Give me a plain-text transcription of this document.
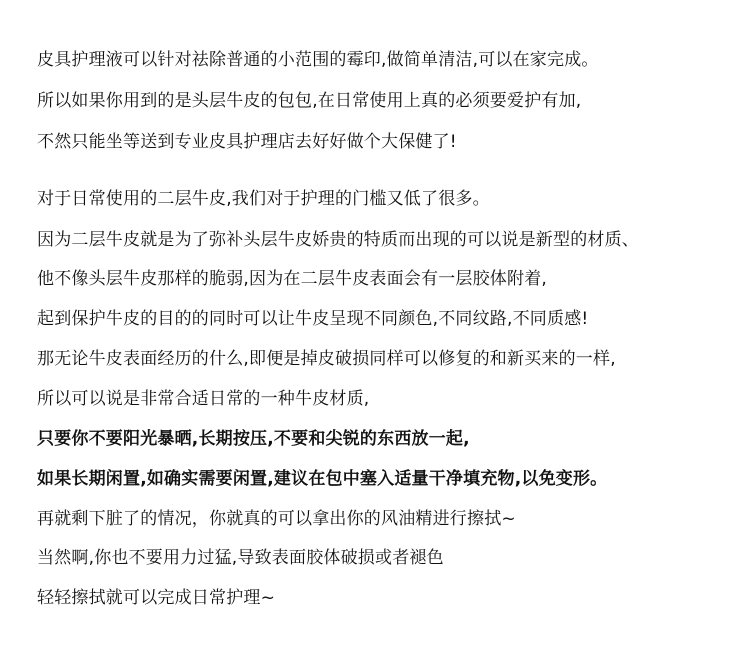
皮具护理液可以针对祛除普通的小范围的霉印,做简单清洁,可以在家完成。
所以如果你用到的是头层牛皮的包包,在日常使用上真的必须要爱护有加,
不然只能坐等送到专业皮具护理店去好好做个大保健了!
对于日常使用的二层牛皮,我们对于护理的门槛又低了很多。
因为二层牛皮就是为了弥补头层牛皮娇贵的特质而出现的可以说是新型的材质、
他不像头层牛皮那样的脆弱,因为在二层牛皮表面会有一层胶体附着,
起到保护牛皮的目的的同时可以让牛皮呈现不同颜色,不同纹路,不同质感!
那无论牛皮表面经历的什么,即便是掉皮破损同样可以修复的和新买来的一样,
所以可以说是非常合适日常的一种牛皮材质,
只要你不要阳光暴晒,长期按压,不要和尖锐的东西放一起,
如果长期闲置,如确实需要闲置,建议在包中塞入适量干净填充物,以免变形。
再就剩下脏了的情况，你就真的可以拿出你的风油精进行擦拭~
当然啊,你也不要用力过猛,导致表面胶体破损或者褪色
轻轻擦拭就可以完成日常护理~
